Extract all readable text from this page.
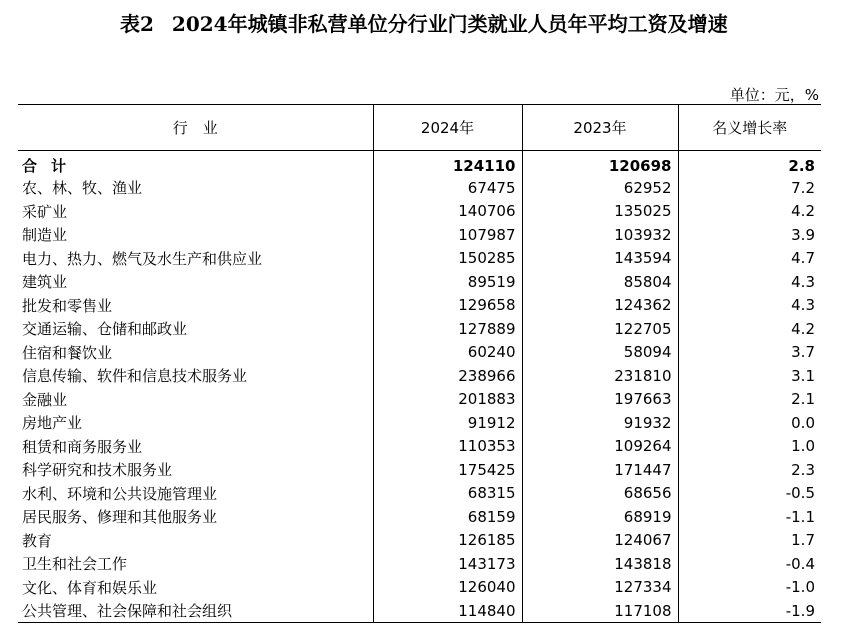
表2 2024年城镇非私营单位分行业门类就业人员年平均工资及增速
单位：元，%
行　业	2024年	2023年	名义增长率
合计	124110	120698	2.8
农、林、牧、渔业	67475	62952	7.2
采矿业	140706	135025	4.2
制造业	107987	103932	3.9
电力、热力、燃气及水生产和供应业	150285	143594	4.7
建筑业	89519	85804	4.3
批发和零售业	129658	124362	4.3
交通运输、仓储和邮政业	127889	122705	4.2
住宿和餐饮业	60240	58094	3.7
信息传输、软件和信息技术服务业	238966	231810	3.1
金融业	201883	197663	2.1
房地产业	91912	91932	0.0
租赁和商务服务业	110353	109264	1.0
科学研究和技术服务业	175425	171447	2.3
水利、环境和公共设施管理业	68315	68656	-0.5
居民服务、修理和其他服务业	68159	68919	-1.1
教育	126185	124067	1.7
卫生和社会工作	143173	143818	-0.4
文化、体育和娱乐业	126040	127334	-1.0
公共管理、社会保障和社会组织	114840	117108	-1.9
